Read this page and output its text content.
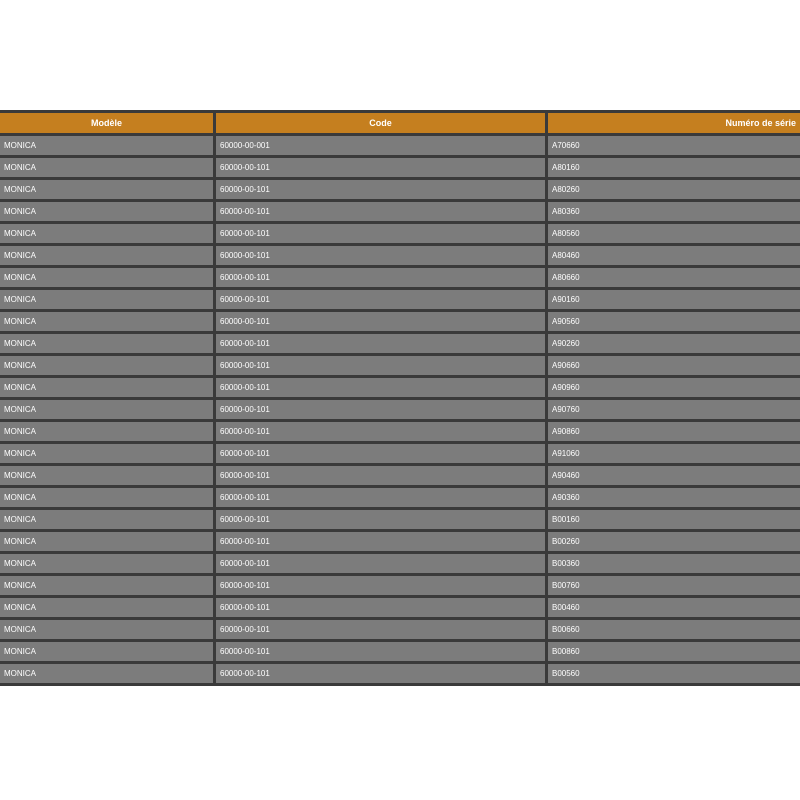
Modèle	Code	Numéro de série
MONICA	60000-00-001	A70660
MONICA	60000-00-101	A80160
MONICA	60000-00-101	A80260
MONICA	60000-00-101	A80360
MONICA	60000-00-101	A80560
MONICA	60000-00-101	A80460
MONICA	60000-00-101	A80660
MONICA	60000-00-101	A90160
MONICA	60000-00-101	A90560
MONICA	60000-00-101	A90260
MONICA	60000-00-101	A90660
MONICA	60000-00-101	A90960
MONICA	60000-00-101	A90760
MONICA	60000-00-101	A90860
MONICA	60000-00-101	A91060
MONICA	60000-00-101	A90460
MONICA	60000-00-101	A90360
MONICA	60000-00-101	B00160
MONICA	60000-00-101	B00260
MONICA	60000-00-101	B00360
MONICA	60000-00-101	B00760
MONICA	60000-00-101	B00460
MONICA	60000-00-101	B00660
MONICA	60000-00-101	B00860
MONICA	60000-00-101	B00560
